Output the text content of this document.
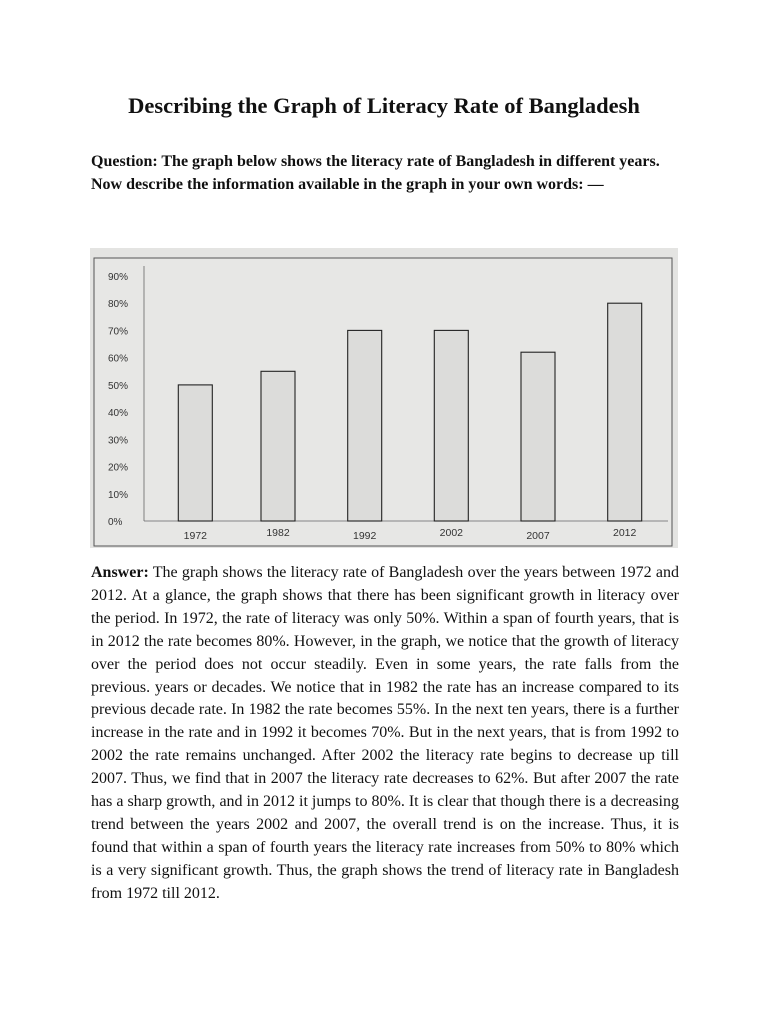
Describing the Graph of Literacy Rate of Bangladesh

Question: The graph below shows the literacy rate of Bangladesh in different years. Now describe the information available in the graph in your own words: —

0%
10%
20%
30%
40%
50%
60%
70%
80%
90%
1972	1982	1992	2002	2007	2012

Answer: The graph shows the literacy rate of Bangladesh over the years between 1972 and 2012. At a glance, the graph shows that there has been significant growth in literacy over the period. In 1972, the rate of literacy was only 50%. Within a span of fourth years, that is in 2012 the rate becomes 80%. However, in the graph, we notice that the growth of literacy over the period does not occur steadily. Even in some years, the rate falls from the previous. years or decades. We notice that in 1982 the rate has an increase compared to its previous decade rate. In 1982 the rate becomes 55%. In the next ten years, there is a further increase in the rate and in 1992 it becomes 70%. But in the next years, that is from 1992 to 2002 the rate remains unchanged. After 2002 the literacy rate begins to decrease up till 2007. Thus, we find that in 2007 the literacy rate decreases to 62%. But after 2007 the rate has a sharp growth, and in 2012 it jumps to 80%. It is clear that though there is a decreasing trend between the years 2002 and 2007, the overall trend is on the increase. Thus, it is found that within a span of fourth years the literacy rate increases from 50% to 80% which is a very significant growth. Thus, the graph shows the trend of literacy rate in Bangladesh from 1972 till 2012.
